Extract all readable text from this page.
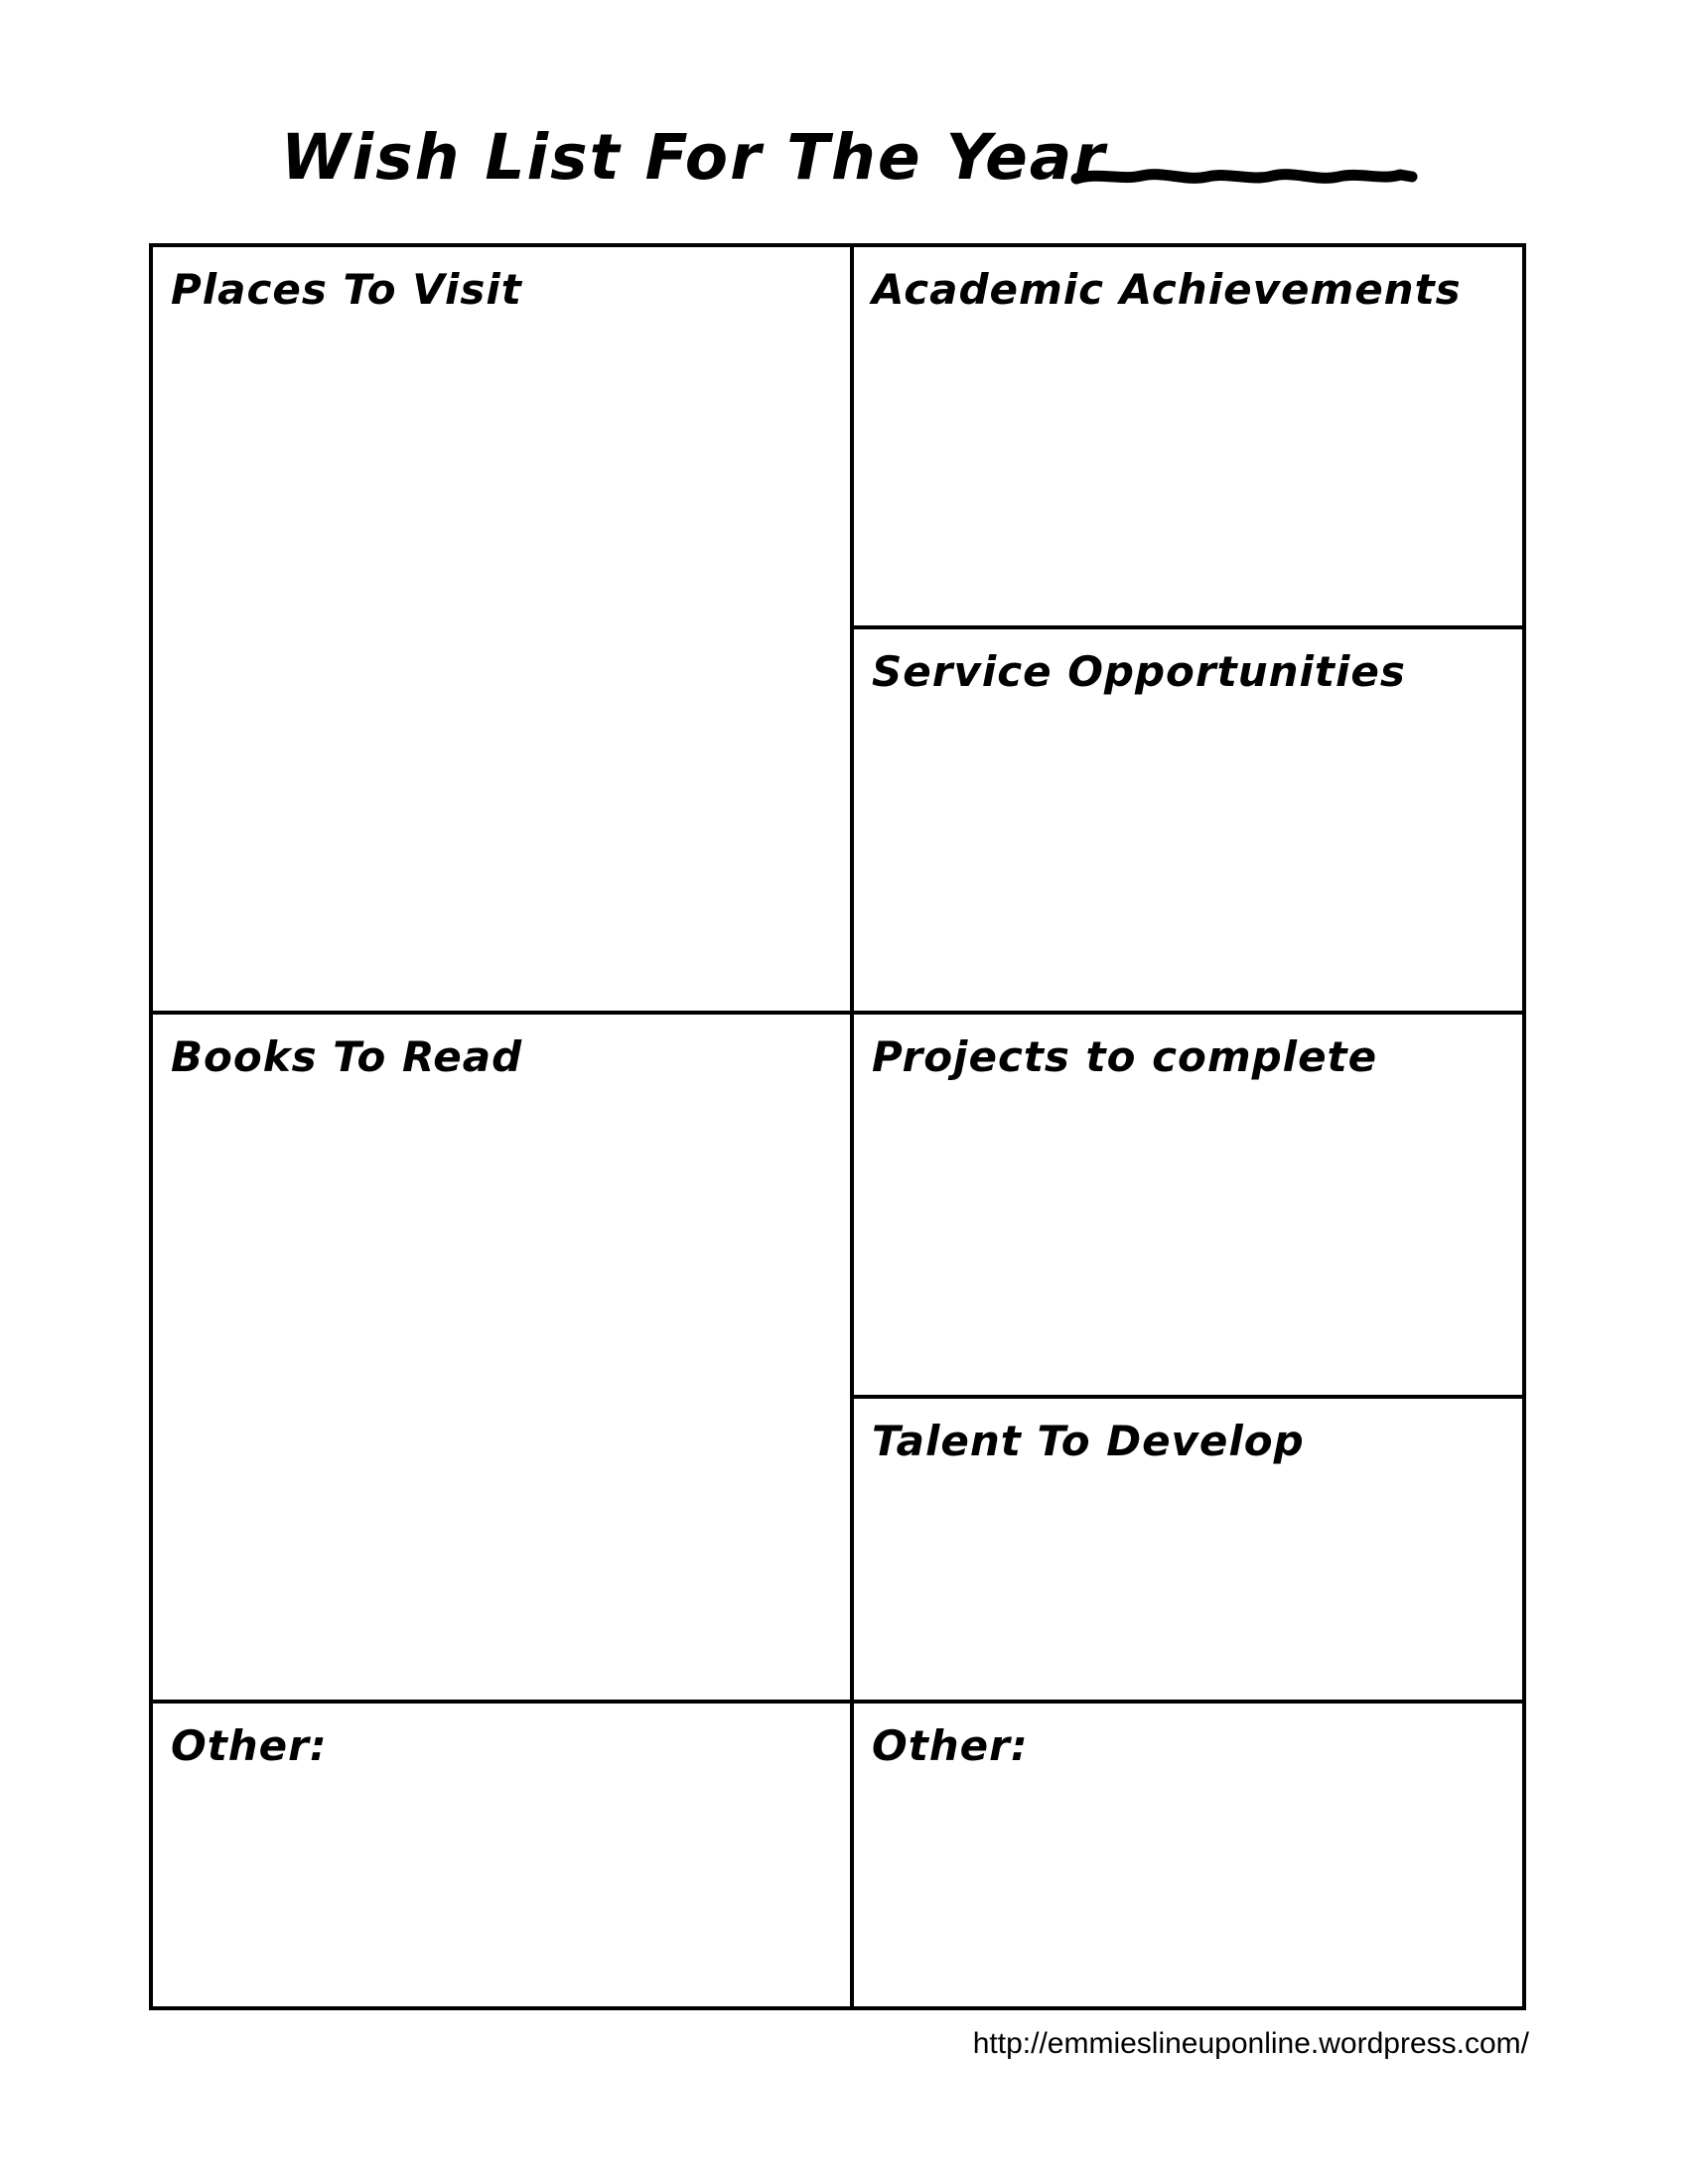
Wish List For The Year
Places To Visit
Books To Read
Other:
Academic Achievements
Service Opportunities
Projects to complete
Talent To Develop
Other:
http://emmieslineuponline.wordpress.com/
